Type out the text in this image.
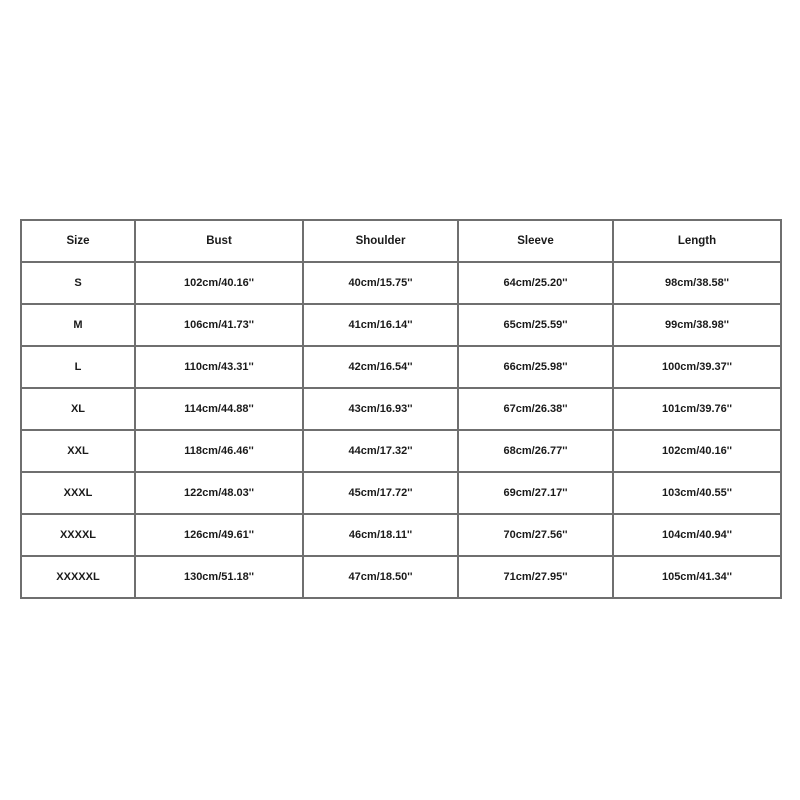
Size	Bust	Shoulder	Sleeve	Length
S	102cm/40.16''	40cm/15.75''	64cm/25.20''	98cm/38.58''
M	106cm/41.73''	41cm/16.14''	65cm/25.59''	99cm/38.98''
L	110cm/43.31''	42cm/16.54''	66cm/25.98''	100cm/39.37''
XL	114cm/44.88''	43cm/16.93''	67cm/26.38''	101cm/39.76''
XXL	118cm/46.46''	44cm/17.32''	68cm/26.77''	102cm/40.16''
XXXL	122cm/48.03''	45cm/17.72''	69cm/27.17''	103cm/40.55''
XXXXL	126cm/49.61''	46cm/18.11''	70cm/27.56''	104cm/40.94''
XXXXXL	130cm/51.18''	47cm/18.50''	71cm/27.95''	105cm/41.34''
